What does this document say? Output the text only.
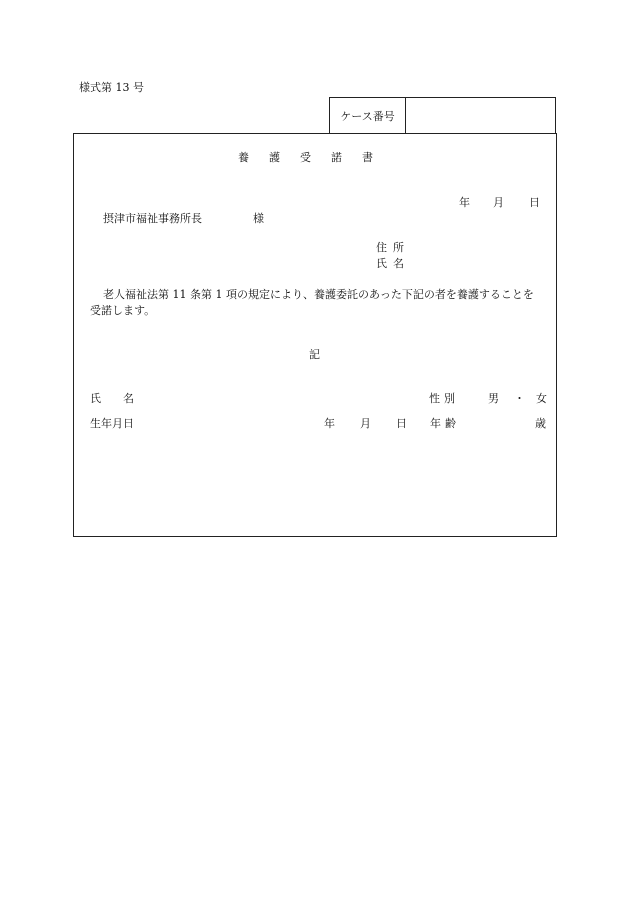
様式第 13 号
ケース番号
養護受諾書
年 月 日
摂津市福祉事務所長	様
住所
氏名
老人福祉法第 11 条第 1 項の規定により、養護委託のあった下記の者を養護することを
受諾します。
記
氏名	性別	男 ・ 女
生年月日	年 月 日 年齢	歳
